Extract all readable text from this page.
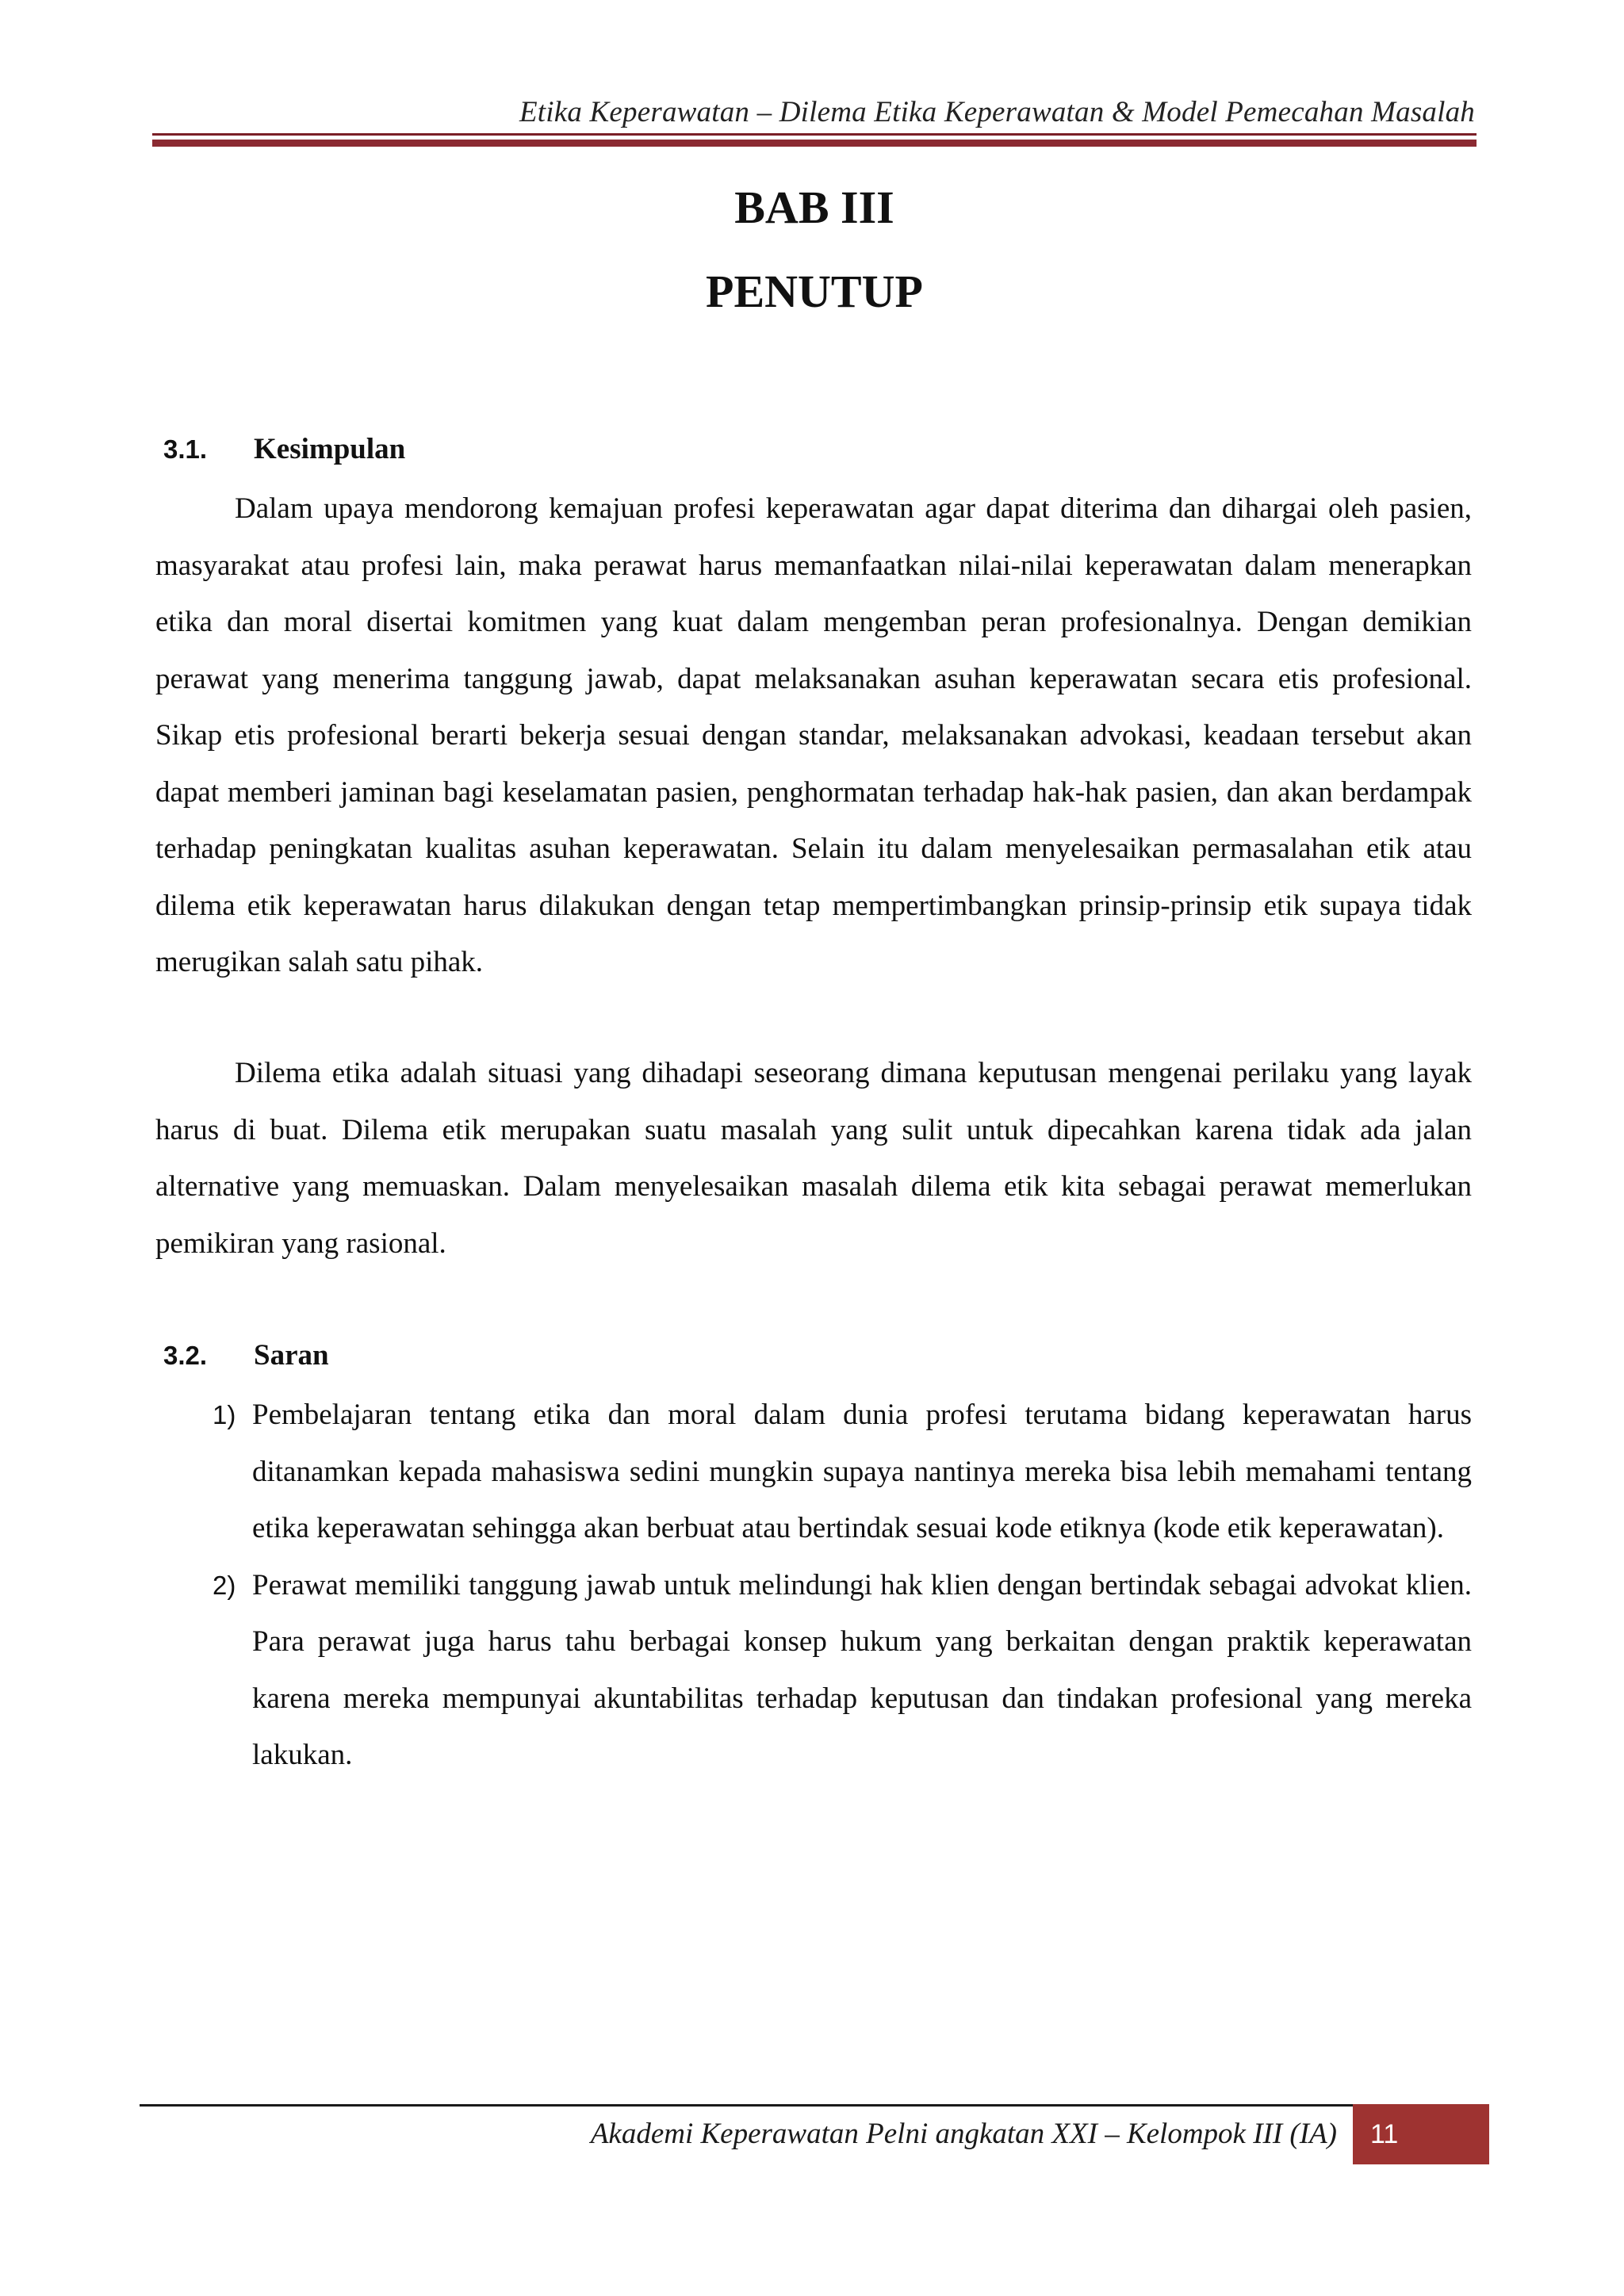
Etika Keperawatan – Dilema Etika Keperawatan & Model Pemecahan Masalah
BAB III
PENUTUP
3.1. Kesimpulan

Dalam upaya mendorong kemajuan profesi keperawatan agar dapat diterima dan dihargai oleh pasien, masyarakat atau profesi lain, maka perawat harus memanfaatkan nilai-nilai keperawatan dalam menerapkan etika dan moral disertai komitmen yang kuat dalam mengemban peran profesionalnya. Dengan demikian perawat yang menerima tanggung jawab, dapat melaksanakan asuhan keperawatan secara etis profesional. Sikap etis profesional berarti bekerja sesuai dengan standar, melaksanakan advokasi, keadaan tersebut akan dapat memberi jaminan bagi keselamatan pasien, penghormatan terhadap hak-hak pasien, dan akan berdampak terhadap peningkatan kualitas asuhan keperawatan. Selain itu dalam menyelesaikan permasalahan etik atau dilema etik keperawatan harus dilakukan dengan tetap mempertimbangkan prinsip-prinsip etik supaya tidak merugikan salah satu pihak.

Dilema etika adalah situasi yang dihadapi seseorang dimana keputusan mengenai perilaku yang layak harus di buat. Dilema etik merupakan suatu masalah yang sulit untuk dipecahkan karena tidak ada jalan alternative yang memuaskan. Dalam menyelesaikan masalah dilema etik kita sebagai perawat memerlukan pemikiran yang rasional.

3.2. Saran
1) Pembelajaran tentang etika dan moral dalam dunia profesi terutama bidang keperawatan harus ditanamkan kepada mahasiswa sedini mungkin supaya nantinya mereka bisa lebih memahami tentang etika keperawatan sehingga akan berbuat atau bertindak sesuai kode etiknya (kode etik keperawatan).
2) Perawat memiliki tanggung jawab untuk melindungi hak klien dengan bertindak sebagai advokat klien. Para perawat juga harus tahu berbagai konsep hukum yang berkaitan dengan praktik keperawatan karena mereka mempunyai akuntabilitas terhadap keputusan dan tindakan profesional yang mereka lakukan.
Akademi Keperawatan Pelni angkatan XXI – Kelompok III (IA)	11
